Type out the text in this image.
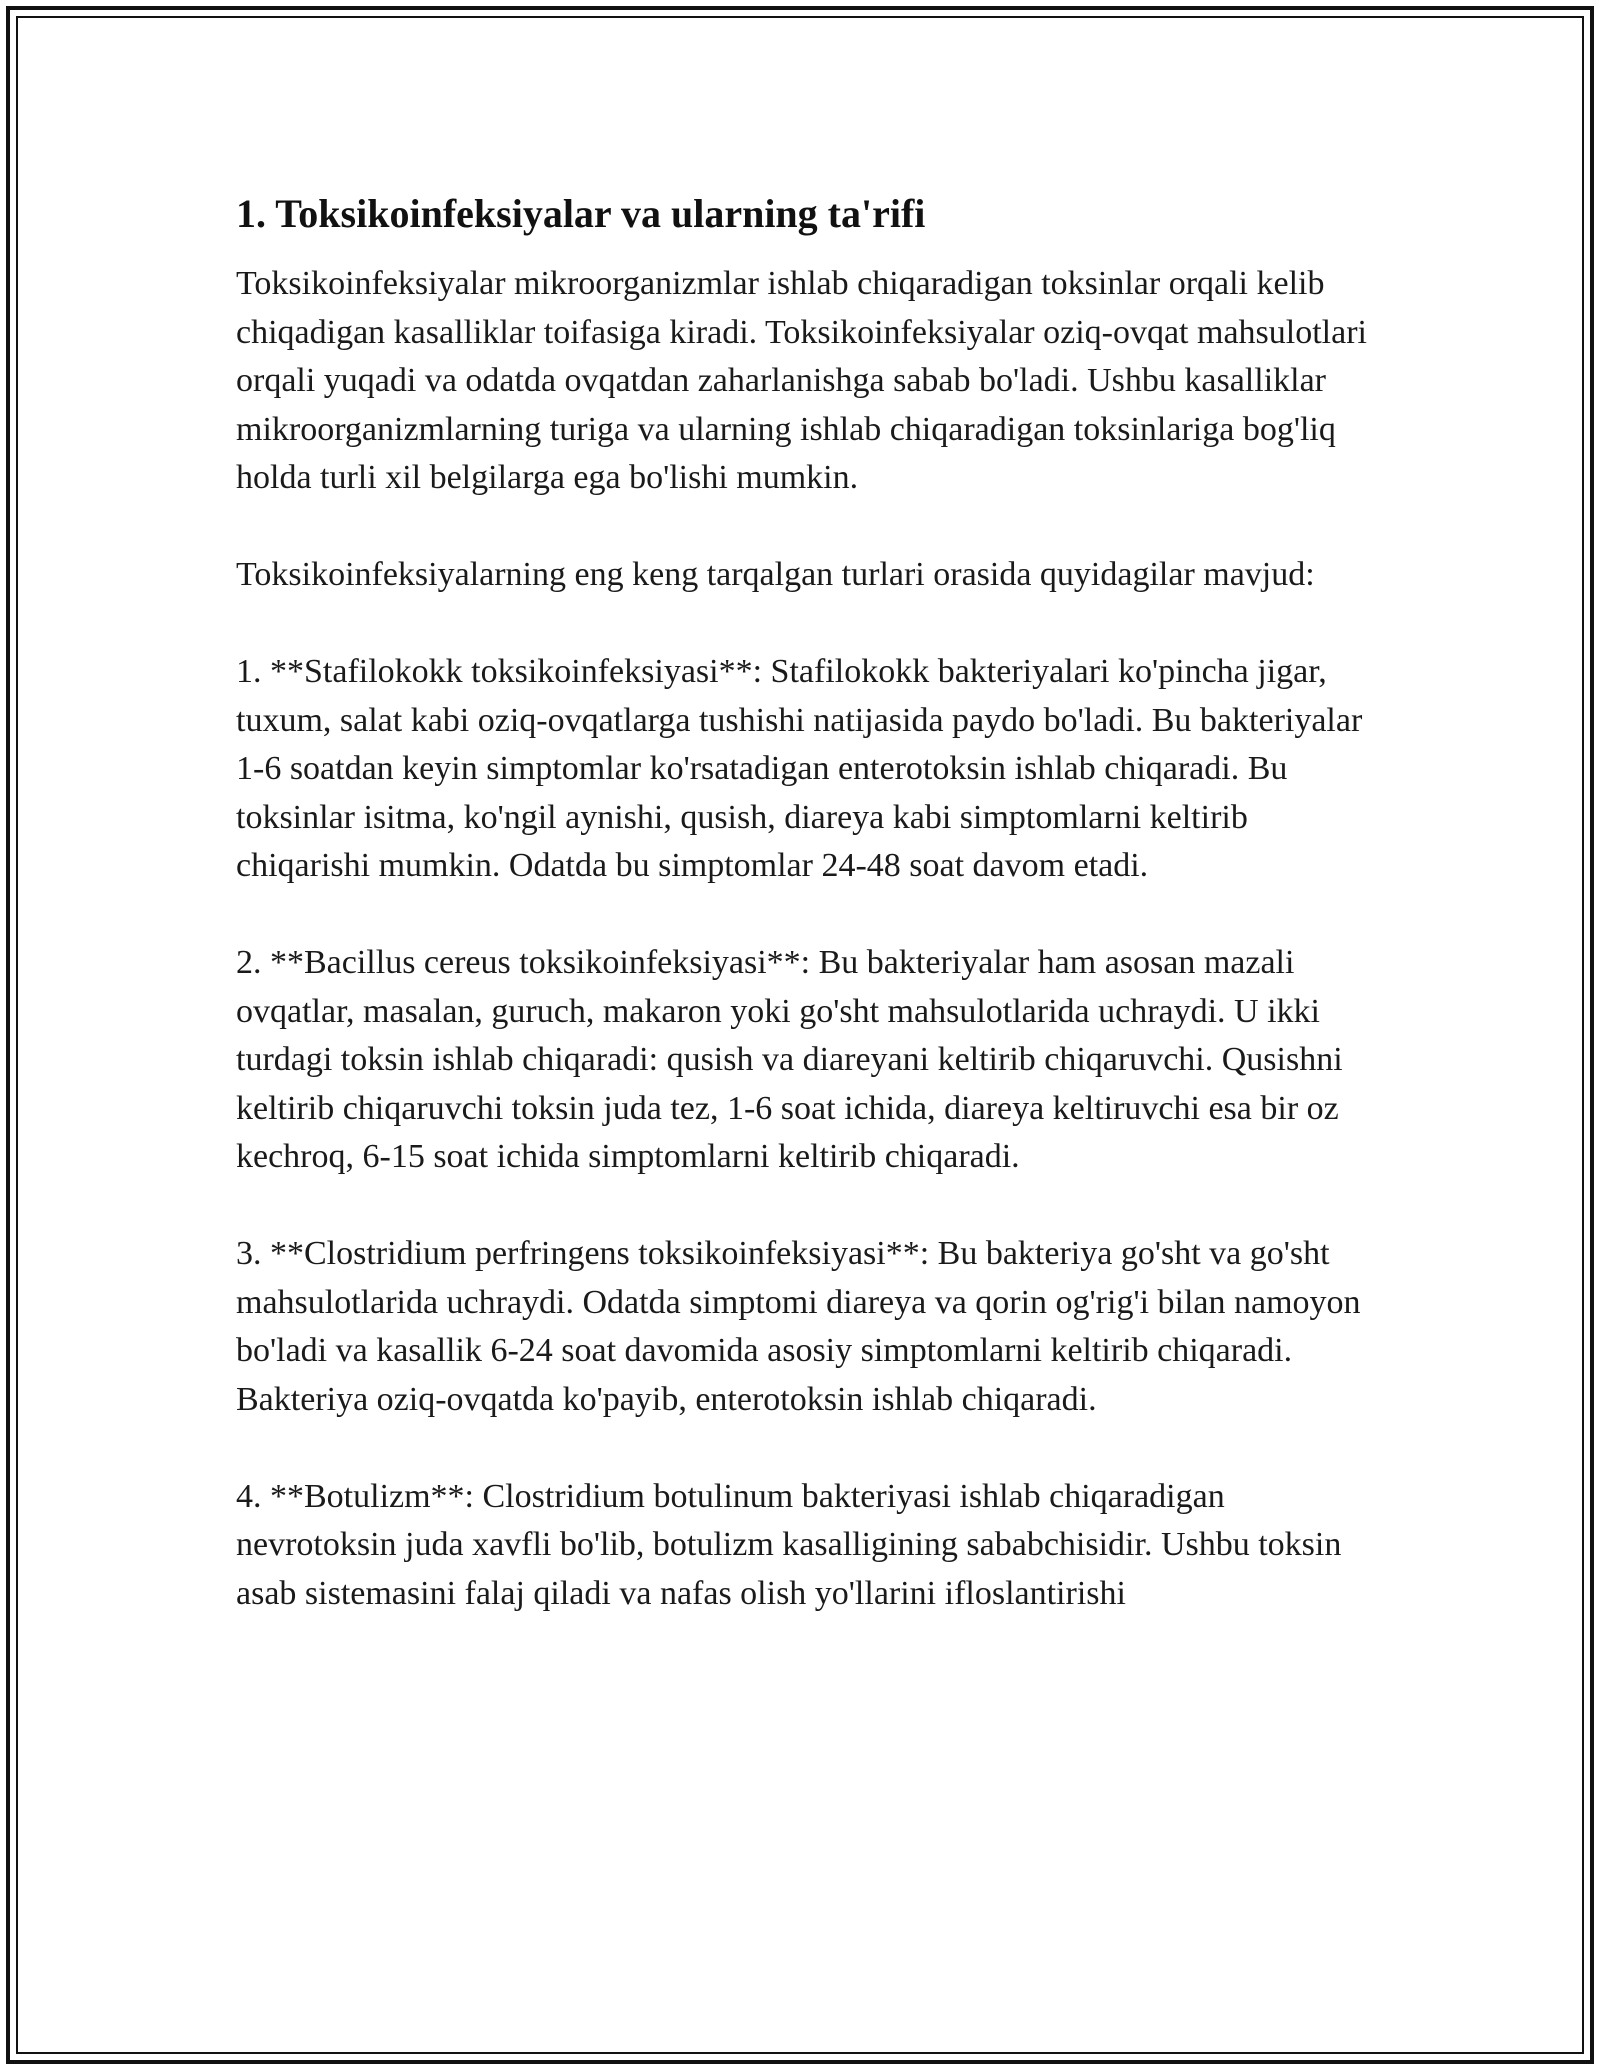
1. Toksikoinfeksiyalar va ularning ta'rifi

Toksikoinfeksiyalar mikroorganizmlar ishlab chiqaradigan toksinlar orqali kelib chiqadigan kasalliklar toifasiga kiradi. Toksikoinfeksiyalar oziq-ovqat mahsulotlari orqali yuqadi va odatda ovqatdan zaharlanishga sabab bo'ladi. Ushbu kasalliklar mikroorganizmlarning turiga va ularning ishlab chiqaradigan toksinlariga bog'liq holda turli xil belgilarga ega bo'lishi mumkin.

Toksikoinfeksiyalarning eng keng tarqalgan turlari orasida quyidagilar mavjud:

1. **Stafilokokk toksikoinfeksiyasi**: Stafilokokk bakteriyalari ko'pincha jigar, tuxum, salat kabi oziq-ovqatlarga tushishi natijasida paydo bo'ladi. Bu bakteriyalar 1-6 soatdan keyin simptomlar ko'rsatadigan enterotoksin ishlab chiqaradi. Bu toksinlar isitma, ko'ngil aynishi, qusish, diareya kabi simptomlarni keltirib chiqarishi mumkin. Odatda bu simptomlar 24-48 soat davom etadi.

2. **Bacillus cereus toksikoinfeksiyasi**: Bu bakteriyalar ham asosan mazali ovqatlar, masalan, guruch, makaron yoki go'sht mahsulotlarida uchraydi. U ikki turdagi toksin ishlab chiqaradi: qusish va diareyani keltirib chiqaruvchi. Qusishni keltirib chiqaruvchi toksin juda tez, 1-6 soat ichida, diareya keltiruvchi esa bir oz kechroq, 6-15 soat ichida simptomlarni keltirib chiqaradi.

3. **Clostridium perfringens toksikoinfeksiyasi**: Bu bakteriya go'sht va go'sht mahsulotlarida uchraydi. Odatda simptomi diareya va qorin og'rig'i bilan namoyon bo'ladi va kasallik 6-24 soat davomida asosiy simptomlarni keltirib chiqaradi. Bakteriya oziq-ovqatda ko'payib, enterotoksin ishlab chiqaradi.

4. **Botulizm**: Clostridium botulinum bakteriyasi ishlab chiqaradigan nevrotoksin juda xavfli bo'lib, botulizm kasalligining sababchisidir. Ushbu toksin asab sistemasini falaj qiladi va nafas olish yo'llarini ifloslantirishi
